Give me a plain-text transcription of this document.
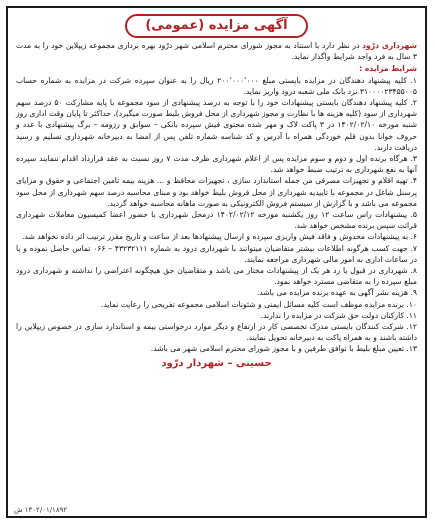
آگهی مزایده (عمومی)
شهرداری درّود در نظر دارد با استناد به مجوز شورای محترم اسلامی شهر درّود بهره برداری مجموعه زیپلاین خود را به مدت ۳ سال به فرد واجد شرایط واگذار نماید.
شرایط مزایده :
۱. کلیه پیشنهاد دهندگان در مزایده بایستی مبلغ ۲۰۰٬۰۰۰٬۰۰۰ ریال را به عنوان سپرده شرکت در مزایده به شماره حساب ۳۱۰۰۰۰۲۳۴۵۵۰۰۵ نزد بانک ملی شعبه درود واریز نماید.
۲. کلیه پیشنهاد دهندگان بایستی پیشنهادات خود را با توجه به درصد پیشنهادی از سود مجموعه با پایه مشارکت ۵۰ درصد سهم شهرداری از سود (کلیه هزینه ها با نظارت و مجوز شهرداری از محل فروش بلیط صورت میگیرد)، حداکثر تا پایان وقت اداری روز شنبه مورخه ۱۴۰۲/۰۲/۱۰ در ۳ پاکت لاک و مهر شده محتوی فیش سپرده بانکی – سوابق و رزومه – برگ پیشنهادی با عدد و حروف خوانا بدون قلم خوردگی همراه با آدرس و کد شناسه شماره تلفن پس از امضا به دبیرخانه شهرداری تسلیم و رسید دریافت دارند.
۳. هرگاه برنده اول و دوم و سوم مزایده پس از اعلام شهرداری ظرف مدت ۷ روز نسبت به عقد قرارداد اقدام ننمایند سپرده آنها به نفع شهرداری به ترتیب ضبط خواهد شد.
۴. تهیه اقلام و تجهیزات مصرفی من جمله استاندارد سازی ، تجهیزات محافظ و ... هزینه بیمه تامین اجتماعی و حقوق و مزایای پرسنل شاغل در مجموعه با تاییدیه شهرداری از محل فروش بلیط خواهد بود و مبنای محاسبه درصد سهم شهرداری از محل سود مجموعه می باشد و با گزارش از سیستم فروش الکترونیکی به صورت ماهانه محاسبه خواهد گردید.
۵. پیشنهادات راس ساعت ۱۲ روز یکشنبه مورخه ۱۴۰۲/۰۲/۱۲ درمحل شهرداری با حضور اعضا کمیسیون معاملات شهرداری قرائت سپس برنده مشخص خواهد شد.
۶. به پیشنهادات مخدوش و فاقد فیش واریزی سپرده و ارسال پیشنهادها بعد از ساعت و تاریخ مقرر ترتیب اثر داده نخواهد شد.
۷. جهت کسب هرگونه اطلاعات بیشتر متقاضیان میتوانند با شهرداری درود به شماره ۴۳۲۳۲۱۱۱ – ۰۶۶ تماس حاصل نموده و یا در ساعات اداری به امور مالی شهرداری مراجعه نمایند.
۸. شهرداری در قبول یا رد هر یک از پیشنهادات مختار می باشد و متقاضیان حق هیچگونه اعتراضی را نداشته و شهرداری درود مبلغ سپرده را به متقاضی مسترد خواهد نمود.
۹. هزینه نشر آگهی به عهده برنده مزایده می باشد.
۱۰. برنده مزایده موظف است کلیه مسائل ایمنی و شئونات اسلامی مجموعه تفریحی را رعایت نماید.
۱۱. کارکنان دولت حق شرکت در مزایده را ندارند.
۱۲. شرکت کنندگان بایستی مدرک تخصصی کار در ارتفاع و دیگر موارد درخواستی بیمه و استاندارد سازی در خصوص زیپلاین را داشته باشند و به همراه پاکت به دبیرخانه تحویل نمایند.
۱۳. تعیین مبلغ بلیط با توافق طرفین و با مجوز شورای محترم اسلامی شهر می باشد.
حسینی – شهردار درّود
۱۴۰۲/۰۱/۱۸۹۲ ش
